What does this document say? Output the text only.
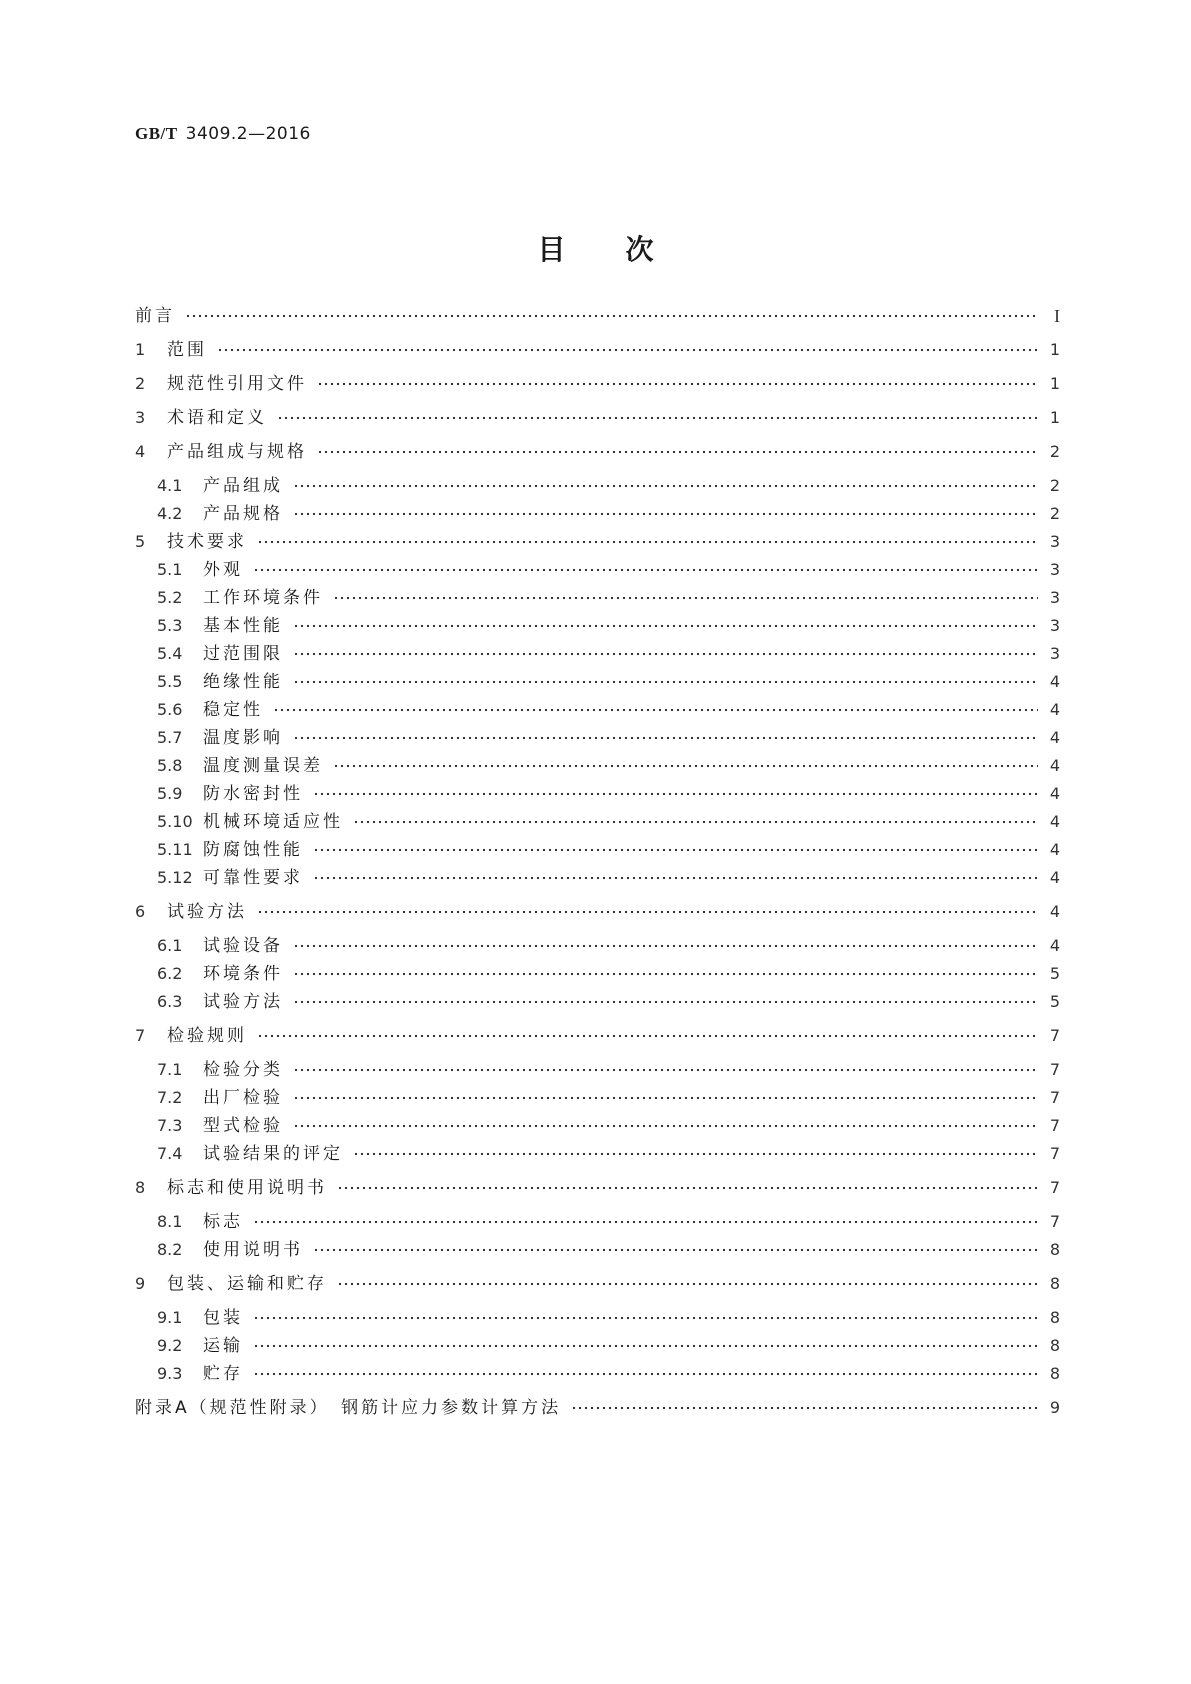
GB/T 3409.2—2016
目次
前言	I
1	范围	1
2	规范性引用文件	1
3	术语和定义	1
4	产品组成与规格	2
4.1	产品组成	2
4.2	产品规格	2
5	技术要求	3
5.1	外观	3
5.2	工作环境条件	3
5.3	基本性能	3
5.4	过范围限	3
5.5	绝缘性能	4
5.6	稳定性	4
5.7	温度影响	4
5.8	温度测量误差	4
5.9	防水密封性	4
5.10 机械环境适应性	4
5.11 防腐蚀性能	4
5.12 可靠性要求	4
6	试验方法	4
6.1	试验设备	4
6.2	环境条件	5
6.3	试验方法	5
7	检验规则	7
7.1	检验分类	7
7.2	出厂检验	7
7.3	型式检验	7
7.4	试验结果的评定	7
8	标志和使用说明书	7
8.1	标志	7
8.2	使用说明书	8
9	包装、运输和贮存	8
9.1	包装	8
9.2	运输	8
9.3	贮存	8
附录A（规范性附录）　钢筋计应力参数计算方法	9
